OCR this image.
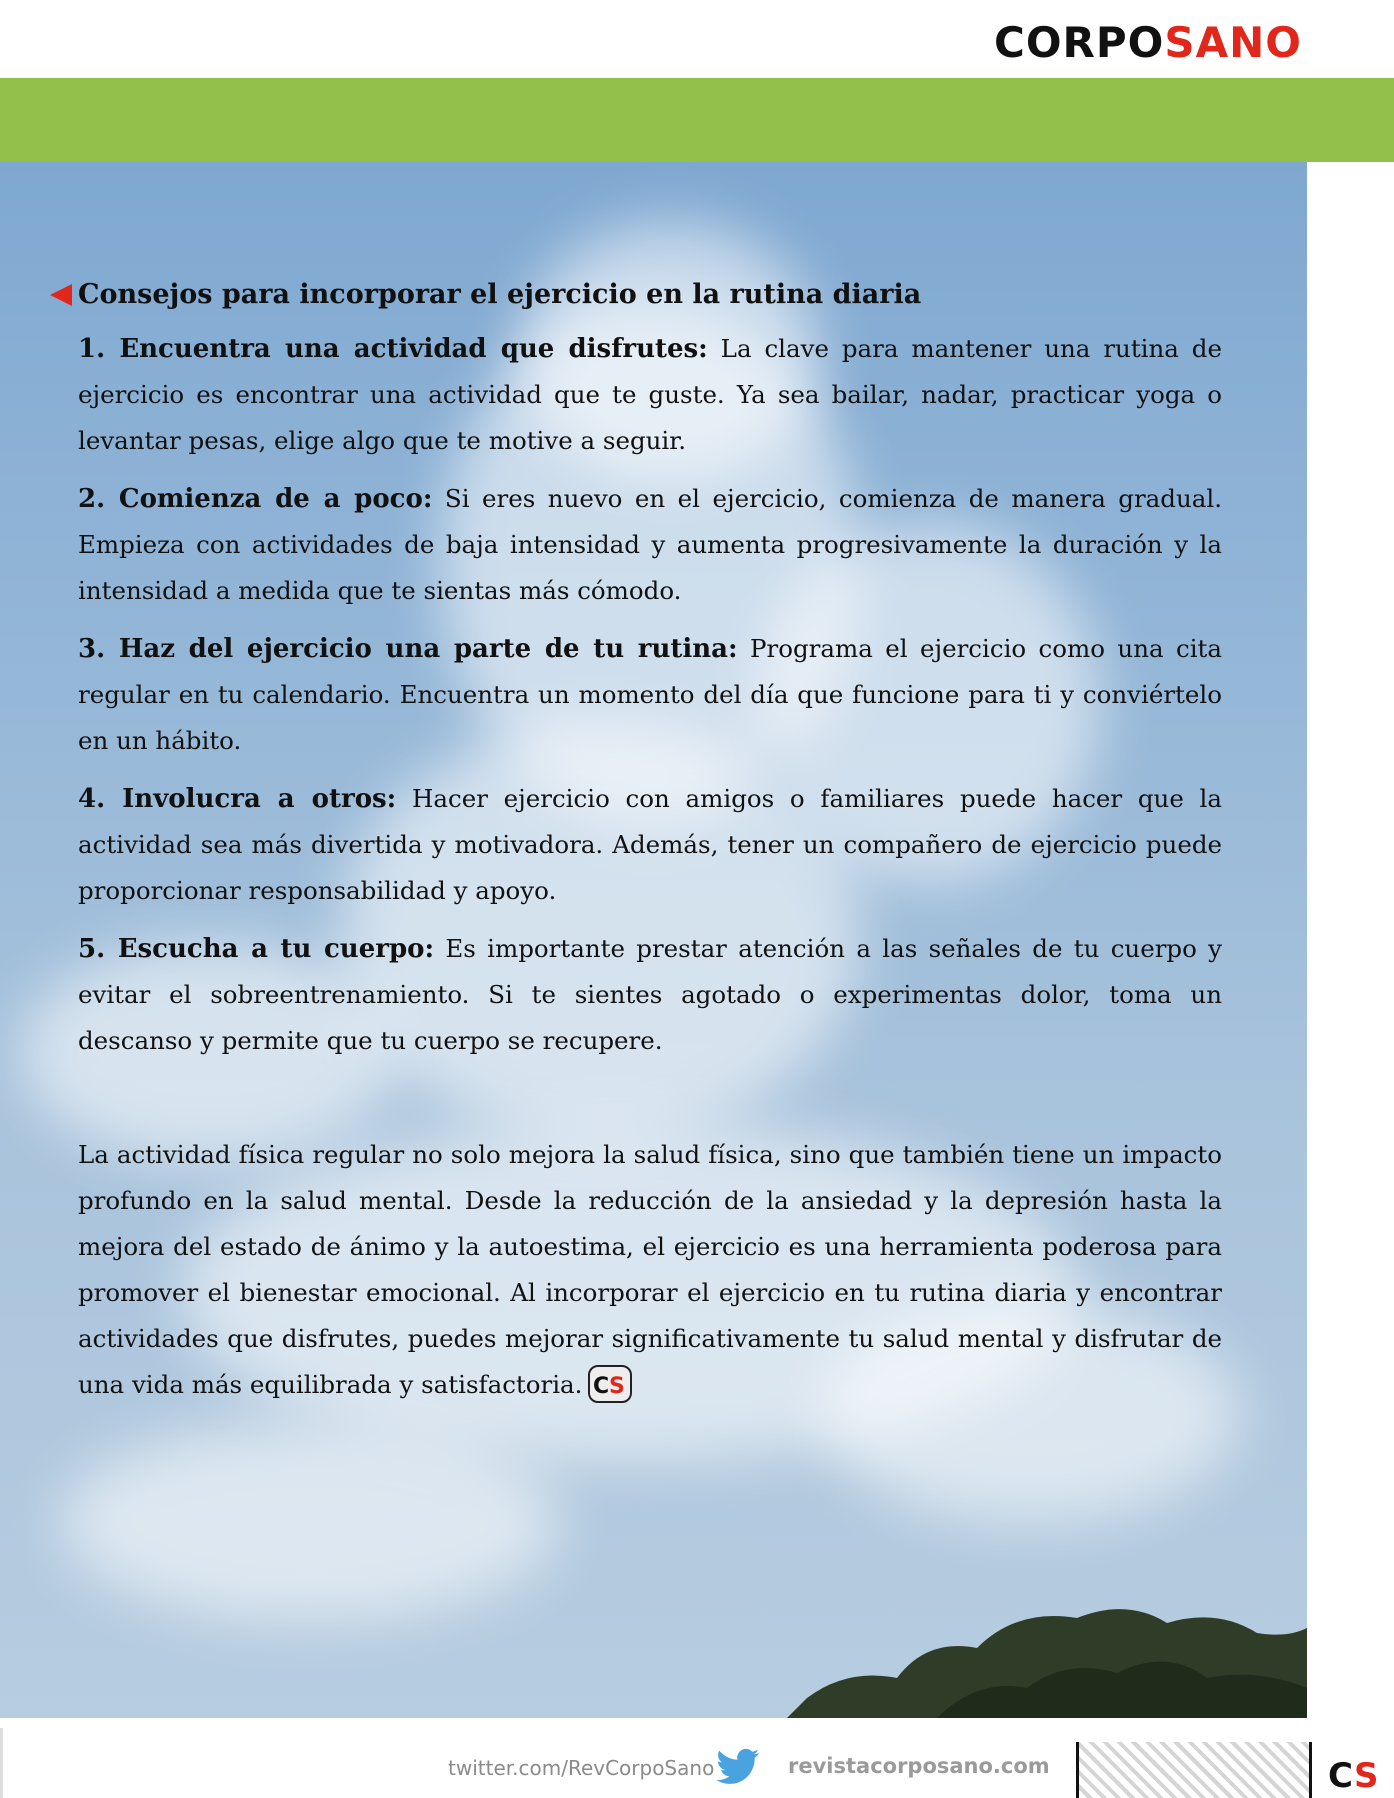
CORPOSANO
Consejos para incorporar el ejercicio en la rutina diaria

1. Encuentra una actividad que disfrutes: La clave para mantener una rutina de ejercicio es encontrar una actividad que te guste. Ya sea bailar, nadar, practicar yoga o levantar pesas, elige algo que te motive a seguir.

2. Comienza de a poco: Si eres nuevo en el ejercicio, comienza de manera gradual. Empieza con actividades de baja intensidad y aumenta progresivamente la duración y la intensidad a medida que te sientas más cómodo.

3. Haz del ejercicio una parte de tu rutina: Programa el ejercicio como una cita regular en tu calendario. Encuentra un momento del día que funcione para ti y conviértelo en un hábito.

4. Involucra a otros: Hacer ejercicio con amigos o familiares puede hacer que la actividad sea más divertida y motivadora. Además, tener un compañero de ejercicio puede proporcionar responsabilidad y apoyo.

5. Escucha a tu cuerpo: Es importante prestar atención a las señales de tu cuerpo y evitar el sobreentrenamiento. Si te sientes agotado o experimentas dolor, toma un descanso y permite que tu cuerpo se recupere.

La actividad física regular no solo mejora la salud física, sino que también tiene un impacto profundo en la salud mental. Desde la reducción de la ansiedad y la depresión hasta la mejora del estado de ánimo y la autoestima, el ejercicio es una herramienta poderosa para promover el bienestar emocional. Al incorporar el ejercicio en tu rutina diaria y encontrar actividades que disfrutes, puedes mejorar significativamente tu salud mental y disfrutar de una vida más equilibrada y satisfactoria. C S

twitter.com/RevCorpoSano	revistacorposano.com	C S
